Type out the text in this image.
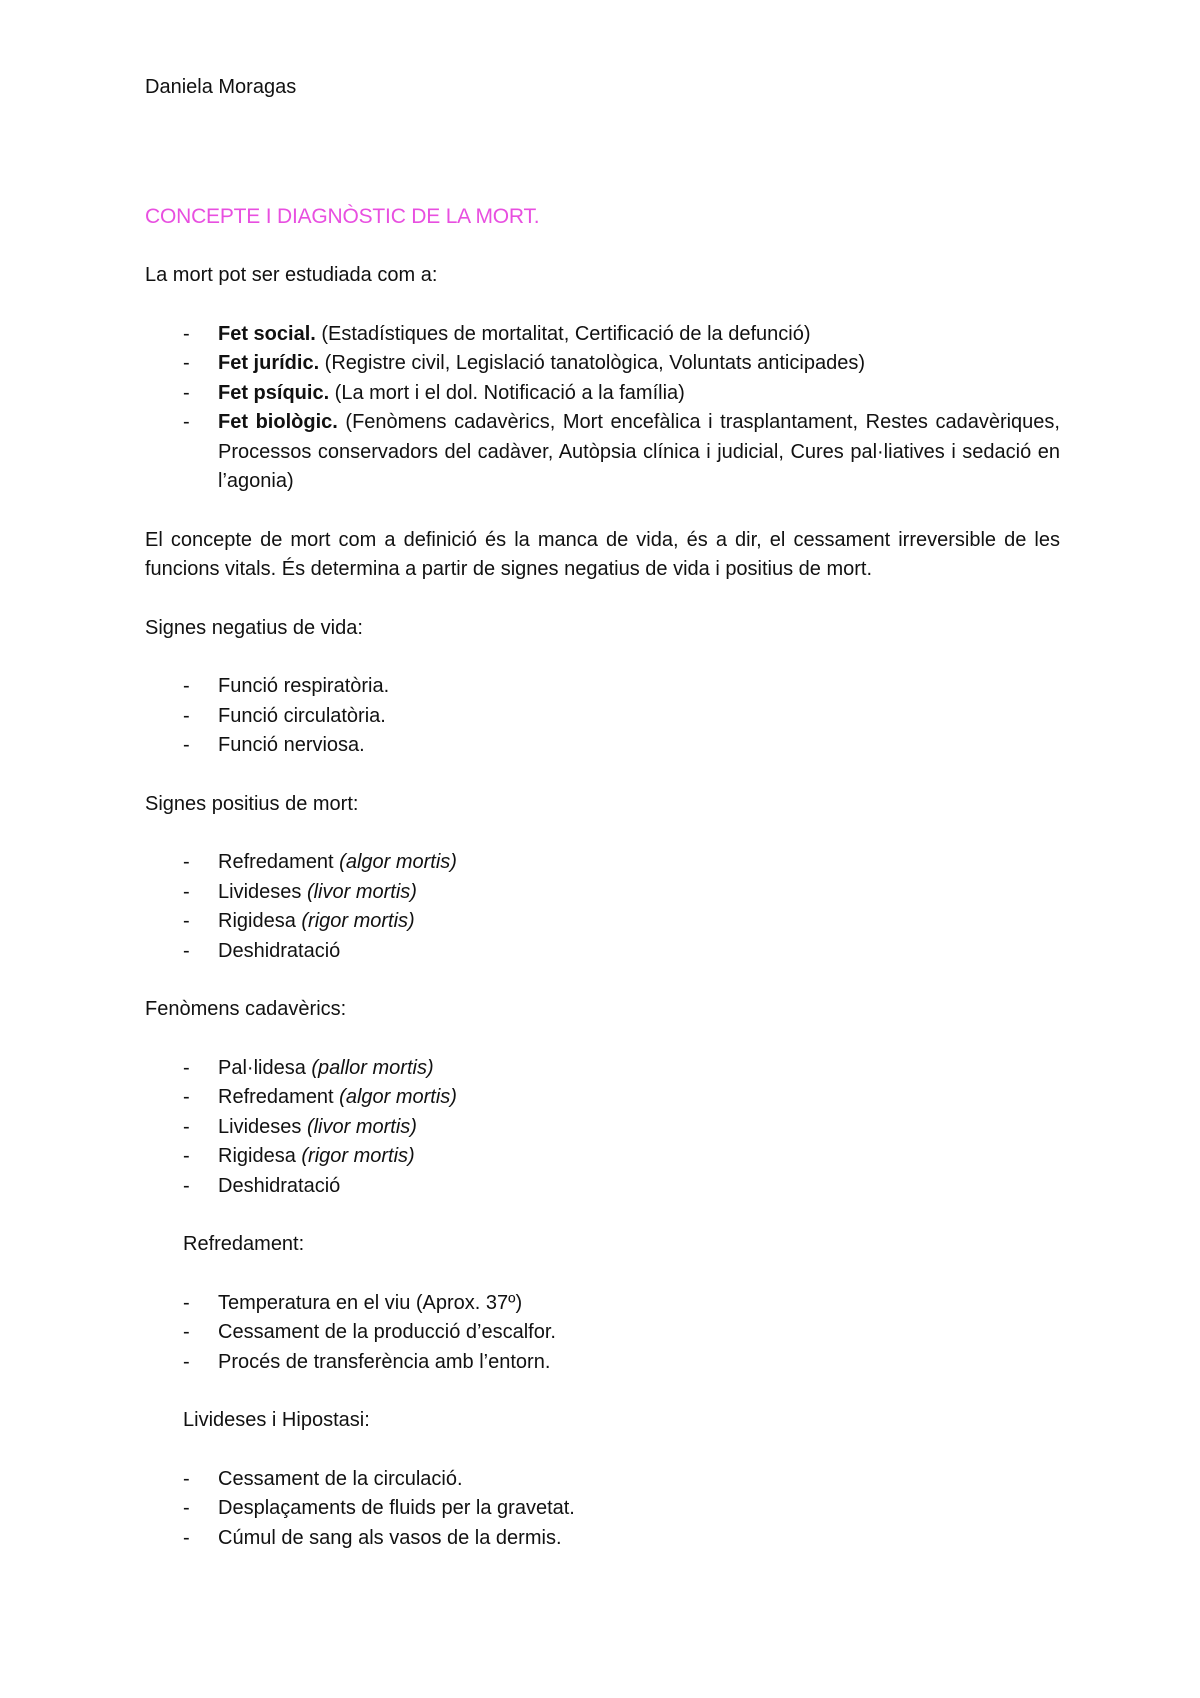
Daniela Moragas

CONCEPTE I DIAGNÒSTIC DE LA MORT.

La mort pot ser estudiada com a:

- Fet social. (Estadístiques de mortalitat, Certificació de la defunció)
- Fet jurídic. (Registre civil, Legislació tanatològica, Voluntats anticipades)
- Fet psíquic. (La mort i el dol. Notificació a la família)
- Fet biològic. (Fenòmens cadavèrics, Mort encefàlica i trasplantament, Restes cadavèriques, Processos conservadors del cadàver, Autòpsia clínica i judicial, Cures pal·liatives i sedació en l’agonia)

El concepte de mort com a definició és la manca de vida, és a dir, el cessament irreversible de les funcions vitals. És determina a partir de signes negatius de vida i positius de mort.

Signes negatius de vida:

- Funció respiratòria.
- Funció circulatòria.
- Funció nerviosa.

Signes positius de mort:

- Refredament (algor mortis)
- Livideses (livor mortis)
- Rigidesa (rigor mortis)
- Deshidratació

Fenòmens cadavèrics:

- Pal·lidesa (pallor mortis)
- Refredament (algor mortis)
- Livideses (livor mortis)
- Rigidesa (rigor mortis)
- Deshidratació

Refredament:

- Temperatura en el viu (Aprox. 37º)
- Cessament de la producció d’escalfor.
- Procés de transferència amb l’entorn.

Livideses i Hipostasi:

- Cessament de la circulació.
- Desplaçaments de fluids per la gravetat.
- Cúmul de sang als vasos de la dermis.
